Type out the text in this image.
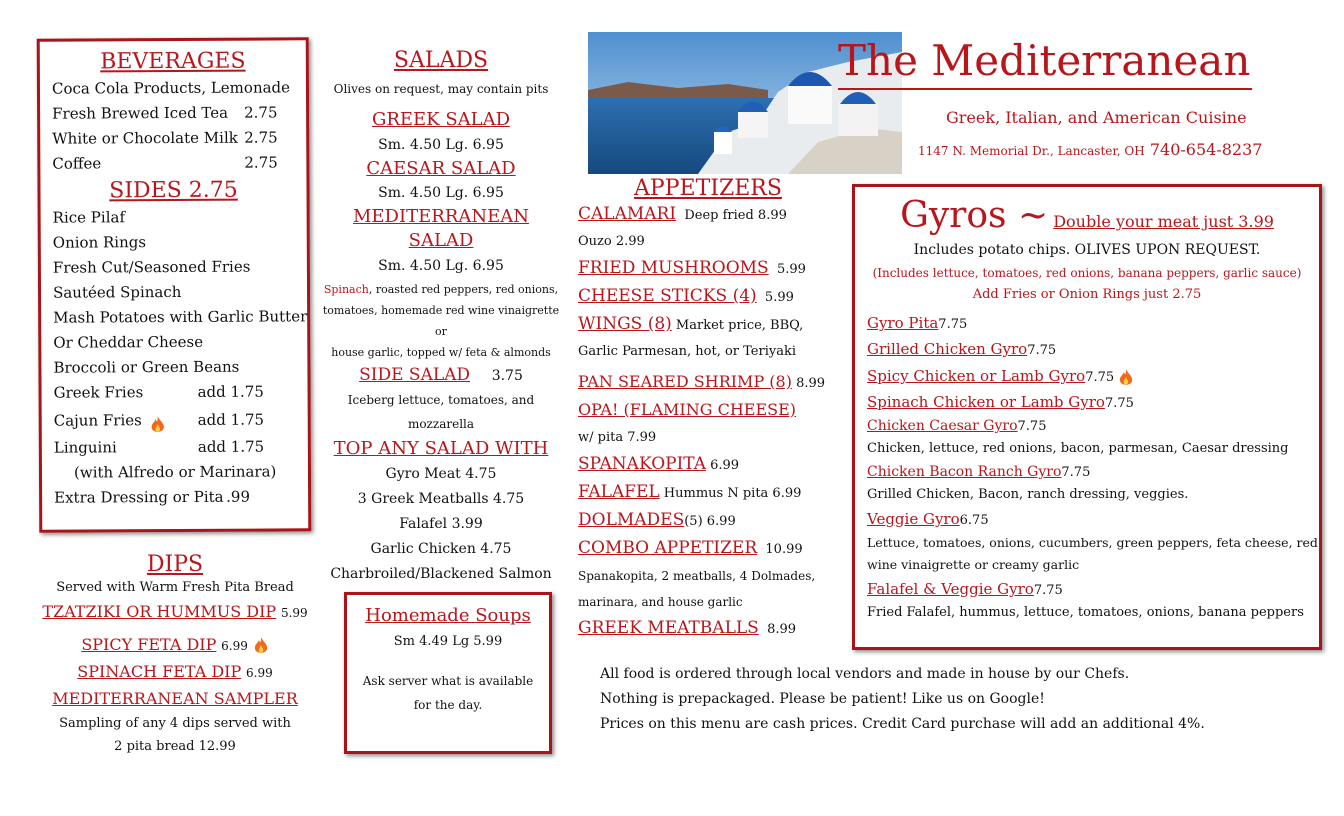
BEVERAGES
Coca Cola Products, Lemonade
Fresh Brewed Iced Tea 2.75
White or Chocolate Milk 2.75
Coffee	2.75
SIDES 2.75
Rice Pilaf
Onion Rings
Fresh Cut/Seasoned Fries
Sautéed Spinach
Mash Potatoes with Garlic Butter
Or Cheddar Cheese
Broccoli or Green Beans
Greek Fries	add 1.75
Cajun Fries	add 1.75
Linguini	add 1.75
(with Alfredo or Marinara)
Extra Dressing or Pita .99
DIPS
Served with Warm Fresh Pita Bread
TZATZIKI OR HUMMUS DIP 5.99
SPICY FETA DIP 6.99
SPINACH FETA DIP 6.99
MEDITERRANEAN SAMPLER
Sampling of any 4 dips served with
2 pita bread 12.99
SALADS
Olives on request, may contain pits
GREEK SALAD
Sm. 4.50 Lg. 6.95
CAESAR SALAD
Sm. 4.50 Lg. 6.95
MEDITERRANEAN
SALAD
Sm. 4.50 Lg. 6.95
Spinach, roasted red peppers, red onions,
tomatoes, homemade red wine vinaigrette or
house garlic, topped w/ feta & almonds
SIDE SALAD 3.75
Iceberg lettuce, tomatoes, and
mozzarella
TOP ANY SALAD WITH
Gyro Meat 4.75
3 Greek Meatballs 4.75
Falafel 3.99
Garlic Chicken 4.75
Charbroiled/Blackened Salmon
Homemade Soups
Sm 4.49 Lg 5.99
Ask server what is available
for the day.
The Mediterranean
Greek, Italian, and American Cuisine
1147 N. Memorial Dr., Lancaster, OH 740-654-8237
APPETIZERS
CALAMARI Deep fried 8.99
Ouzo 2.99
FRIED MUSHROOMS 5.99
CHEESE STICKS (4) 5.99
WINGS (8) Market price, BBQ,
Garlic Parmesan, hot, or Teriyaki
PAN SEARED SHRIMP (8) 8.99
OPA! (FLAMING CHEESE)
w/ pita 7.99
SPANAKOPITA 6.99
FALAFEL Hummus N pita 6.99
DOLMADES(5) 6.99
COMBO APPETIZER 10.99
Spanakopita, 2 meatballs, 4 Dolmades,
marinara, and house garlic
GREEK MEATBALLS 8.99
Gyros ~ Double your meat just 3.99
Includes potato chips. OLIVES UPON REQUEST.
(Includes lettuce, tomatoes, red onions, banana peppers, garlic sauce)
Add Fries or Onion Rings just 2.75
Gyro Pita7.75
Grilled Chicken Gyro7.75
Spicy Chicken or Lamb Gyro7.75
Spinach Chicken or Lamb Gyro7.75
Chicken Caesar Gyro7.75
Chicken, lettuce, red onions, bacon, parmesan, Caesar dressing
Chicken Bacon Ranch Gyro7.75
Grilled Chicken, Bacon, ranch dressing, veggies.
Veggie Gyro6.75
Lettuce, tomatoes, onions, cucumbers, green peppers, feta cheese, red
wine vinaigrette or creamy garlic
Falafel & Veggie Gyro7.75
Fried Falafel, hummus, lettuce, tomatoes, onions, banana peppers
All food is ordered through local vendors and made in house by our Chefs.
Nothing is prepackaged. Please be patient! Like us on Google!
Prices on this menu are cash prices. Credit Card purchase will add an additional 4%.
